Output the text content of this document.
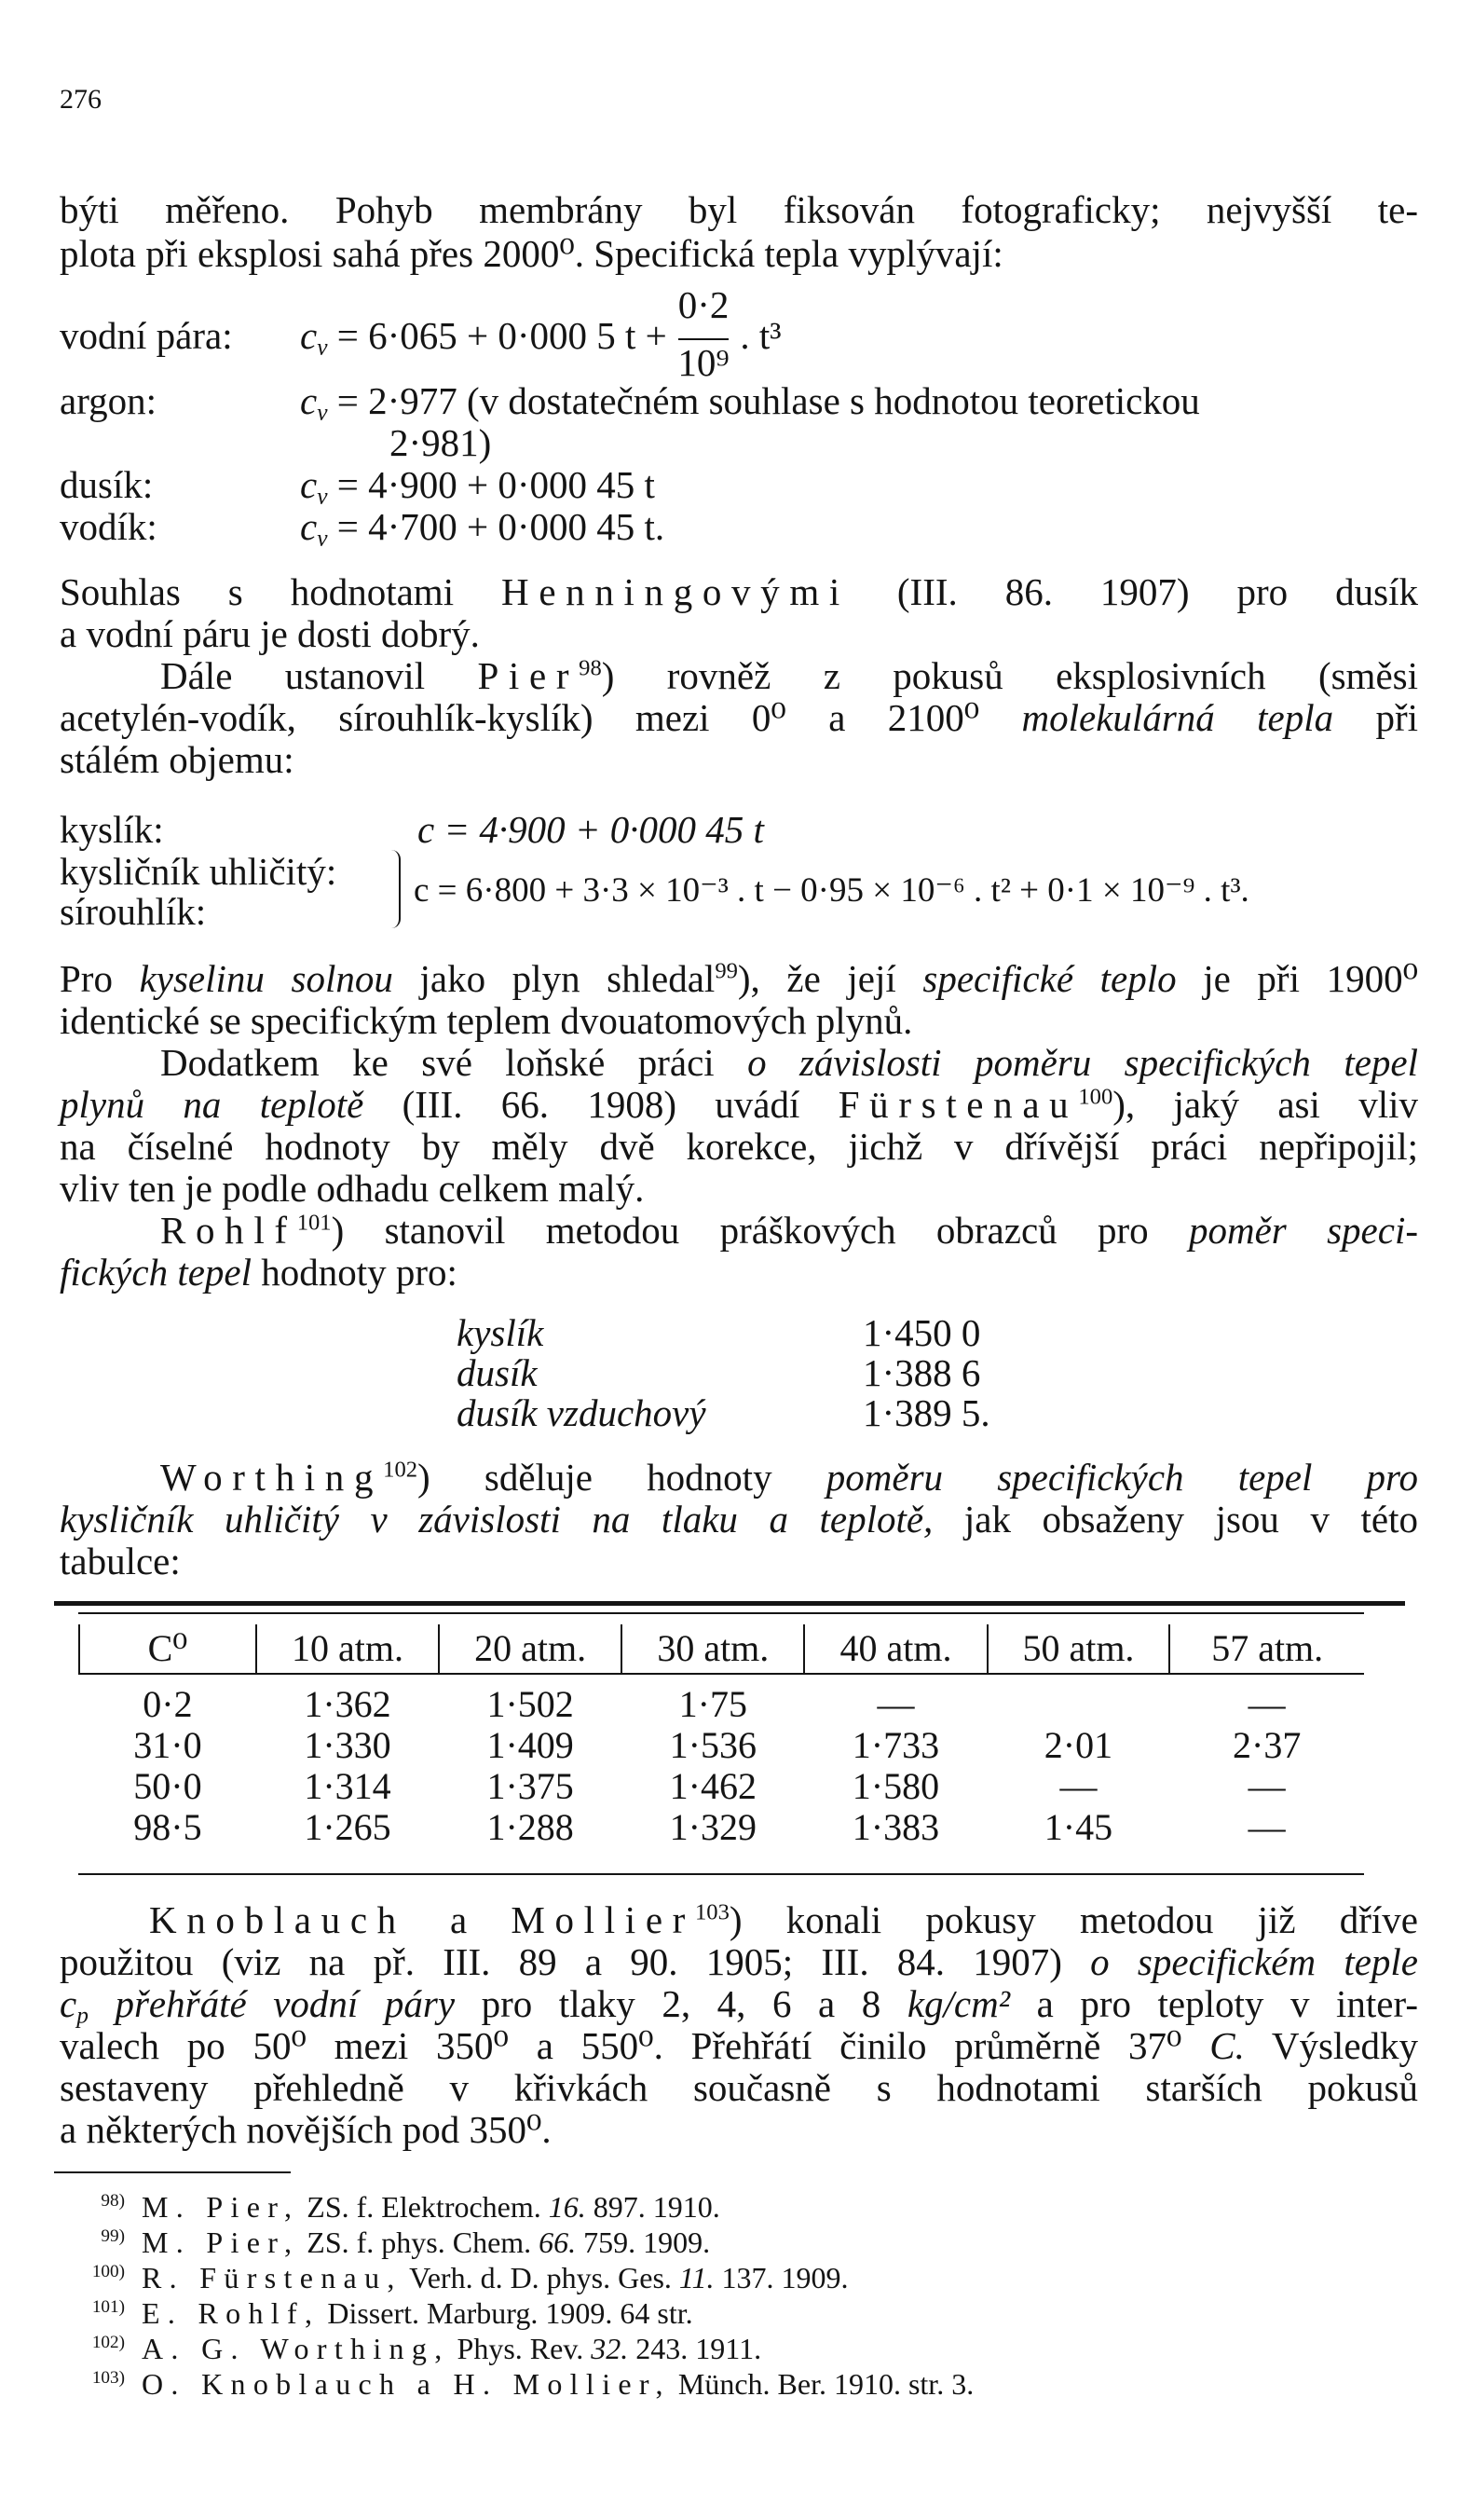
276
býti měřeno. Pohyb membrány byl fiksován fotograficky; nejvyšší te-
plota při eksplosi sahá přes 2000⁰. Specifická tepla vyplývají:
vodní pára: $c_v = 6\cdot 065 + 0\cdot 000$ 5 $t + \frac{0\cdot 2}{\text{10⁹}}$ . t³
argon:	$c_v = 2\cdot 977$ (v dostatečném souhlase s hodnotou teoretickou
2·981)
dusík:	$c_v = 4\cdot 900 + 0\cdot 000$ 45 t
vodík:	$c_v = 4\cdot 700 + 0\cdot 000$ 45 t.
Souhlas s hodnotami Henningovými (III. 86. 1907) pro dusík
a vodní páru je dosti dobrý.
Dále ustanovil Pier$^{98}$) rovněž z pokusů eksplosivních (směsi
acetylén-vodík, sírouhlík-kyslík) mezi 0⁰ a 2100⁰ molekulárná tepla při
stálém objemu:
kyslík:	c = 4·900 + 0·000 45 t
kysličník uhličitý:
sírouhlík:	c = 6·800 + 3·3 × 10⁻³ . t − 0·95 × 10⁻⁶ . t² + 0·1 × 10⁻⁹ . t³.
Pro kyselinu solnou jako plyn shledal$^{99}$), že její specifické teplo je při 1900⁰
identické se specifickým teplem dvouatomových plynů.
Dodatkem ke své loňské práci o závislosti poměru specifických tepel
plynů na teplotě (III. 66. 1908) uvádí Fürstenau$^{100}$), jaký asi vliv
na číselné hodnoty by měly dvě korekce, jichž v dřívější práci nepřipojil;
vliv ten je podle odhadu celkem malý.
Rohlf$^{101}$) stanovil metodou práškových obrazců pro poměr speci-
fických tepel hodnoty pro:
kyslík	1·450 0
dusík	1·388 6
dusík vzduchový	1·389 5.
Worthing$^{102}$) sděluje hodnoty poměru specifických tepel pro
kysličník uhličitý v závislosti na tlaku a teplotě, jak obsaženy jsou v této
tabulce:
C⁰	10 atm.	20 atm.	30 atm.	40 atm.	50 atm.	57 atm.
0·2	1·362	1·502	1·75	—		—
31·0	1·330	1·409	1·536	1·733	2·01	2·37
50·0	1·314	1·375	1·462	1·580	—	—
98·5	1·265	1·288	1·329	1·383	1·45	—
Knoblauch a Mollier$^{103}$) konali pokusy metodou již dříve
použitou (viz na př. III. 89 a 90. 1905; III. 84. 1907) o specifickém teple
$c_p$ přehřáté vodní páry pro tlaky 2, 4, 6 a 8 kg/cm² a pro teploty v inter-
valech po 50⁰ mezi 350⁰ a 550⁰. Přehřátí činilo průměrně 37⁰ C. Výsledky
sestaveny přehledně v křivkách současně s hodnotami starších pokusů
a některých novějších pod 350⁰.
$^{98)}$ M. Pier, ZS. f. Elektrochem. 16. 897. 1910.
$^{99)}$ M. Pier, ZS. f. phys. Chem. 66. 759. 1909.
$^{100)}$ R. Fürstenau, Verh. d. D. phys. Ges. 11. 137. 1909.
$^{101)}$ E. Rohlf, Dissert. Marburg. 1909. 64 str.
$^{102)}$ A. G. Worthing, Phys. Rev. 32. 243. 1911.
$^{103)}$ O. Knoblauch a H. Mollier, Münch. Ber. 1910. str. 3.
